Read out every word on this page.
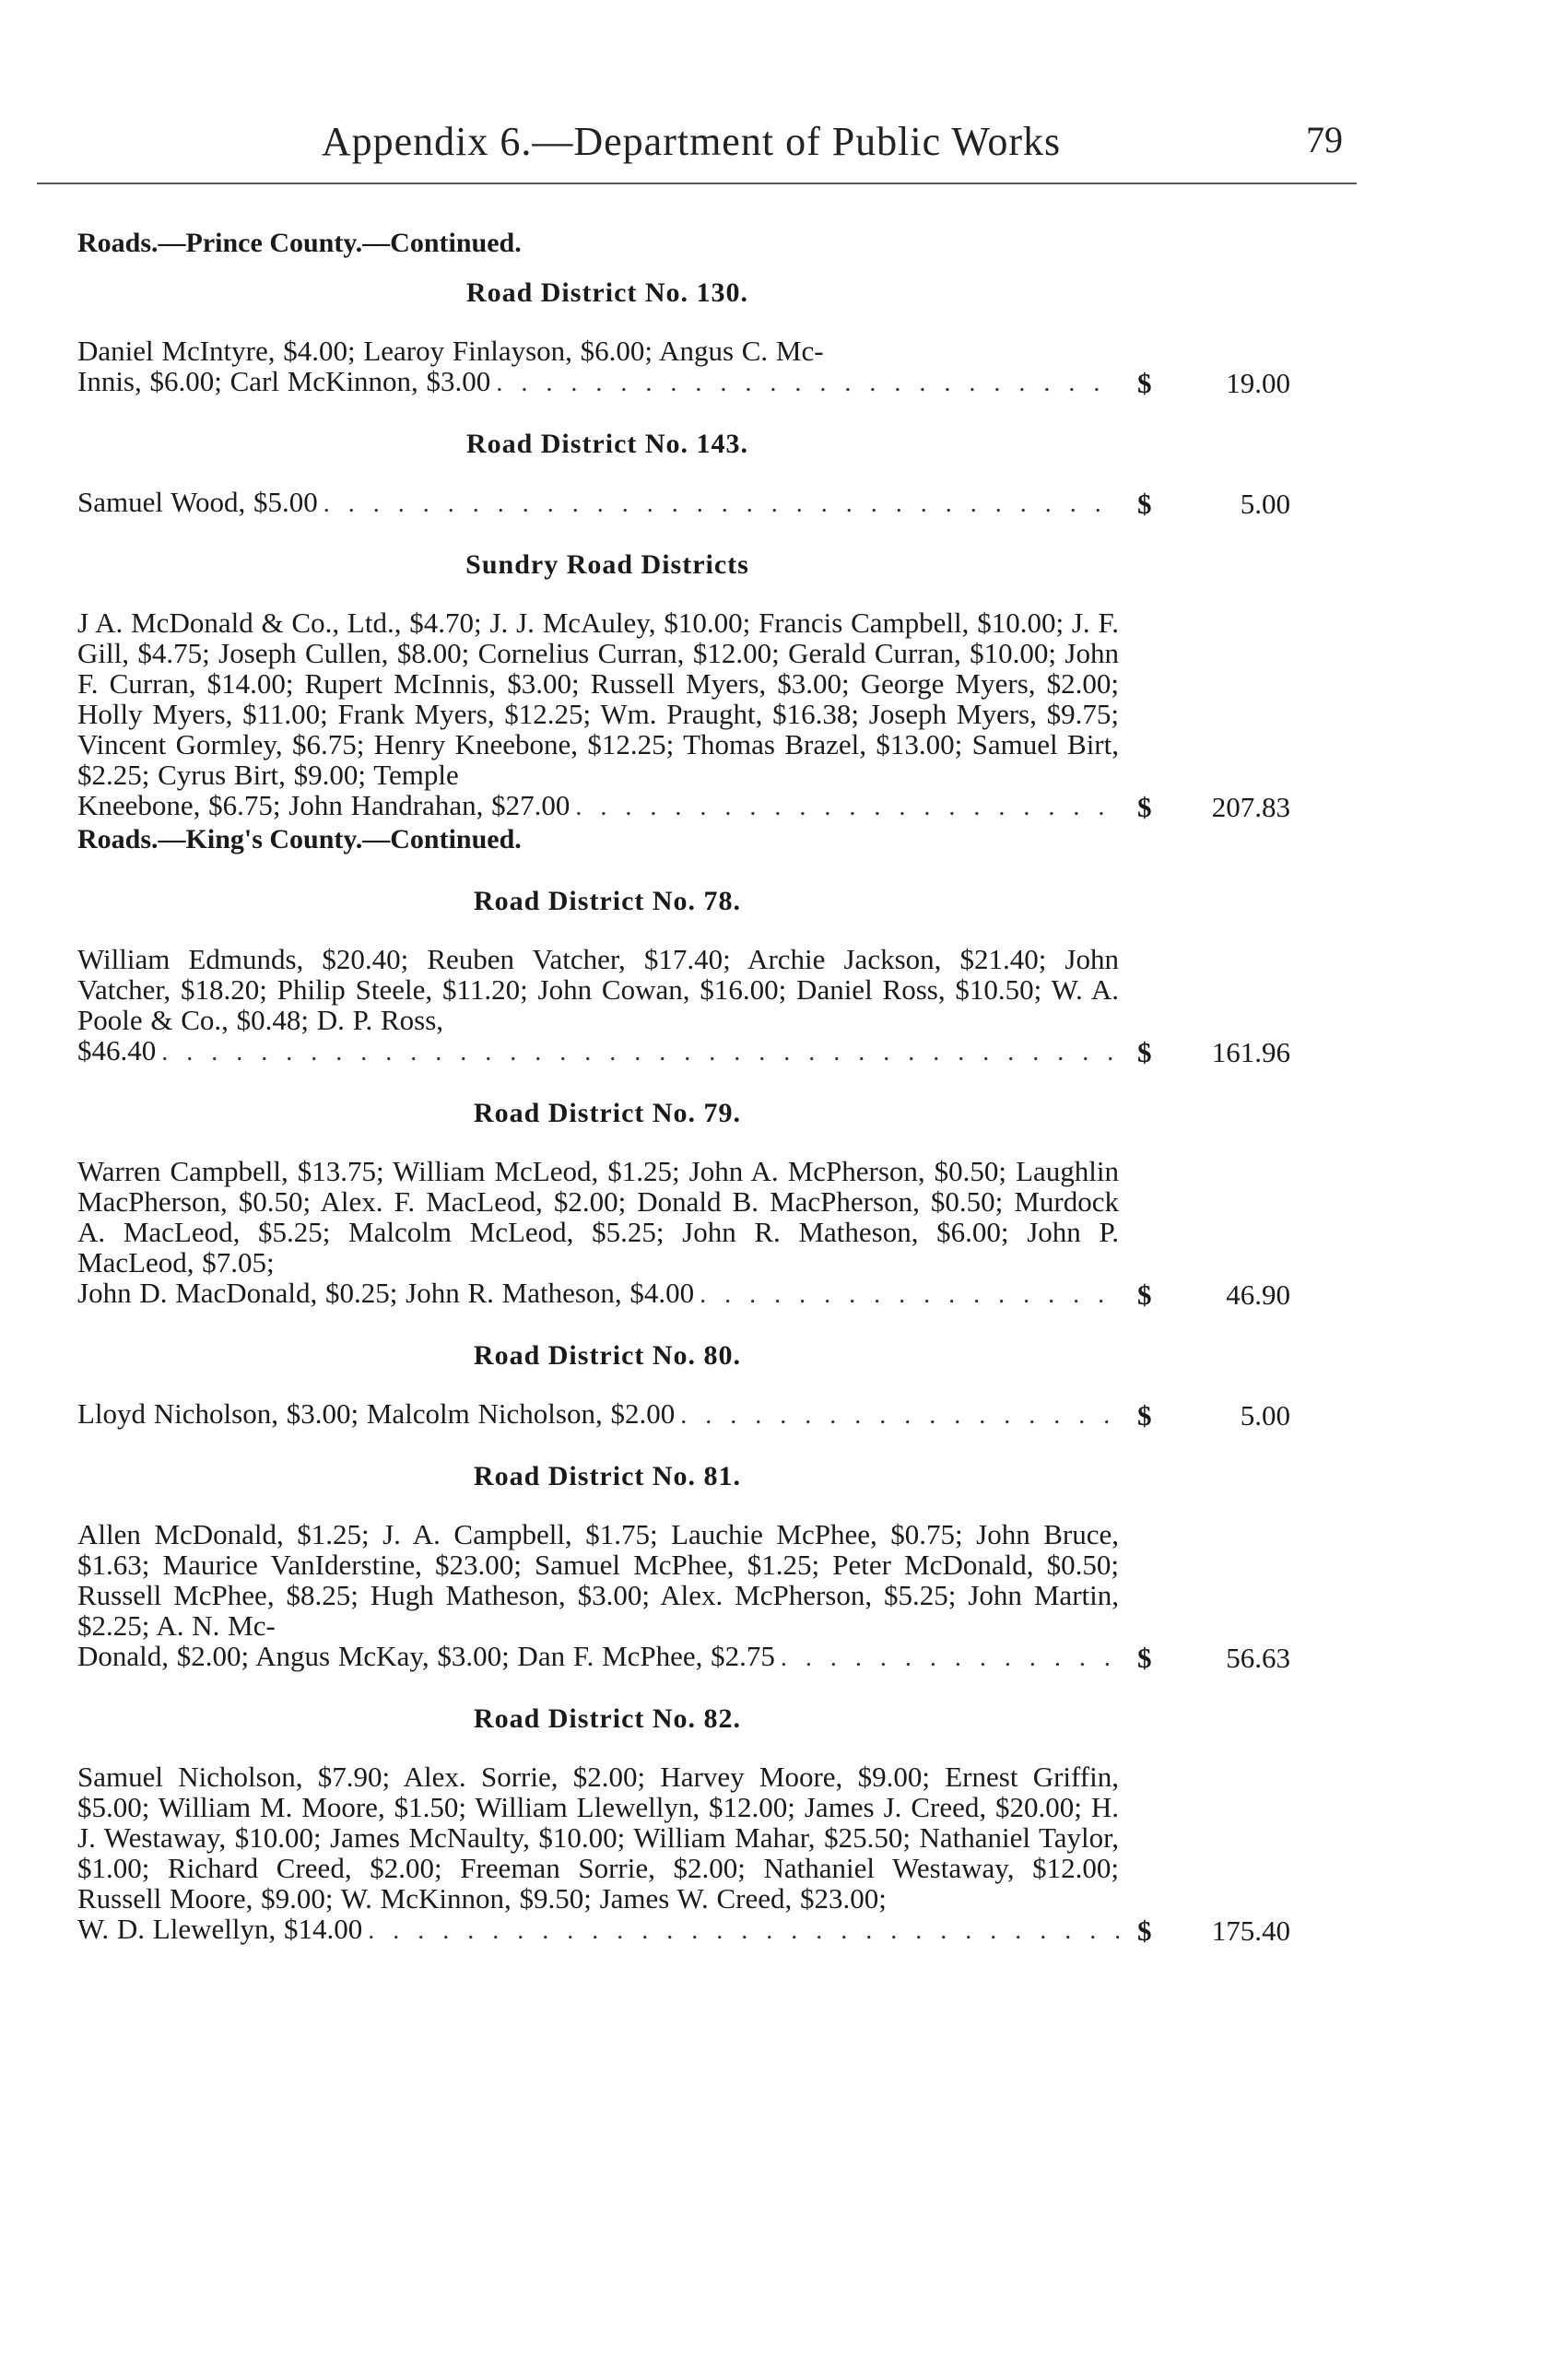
Appendix 6.—Department of Public Works	79
Roads.—Prince County.—Continued.
Road District No. 130.
Daniel McIntyre, $4.00; Learoy Finlayson, $6.00; Angus C. Mc-
Innis, $6.00; Carl McKinnon, $3.00 . . .	$	19.00
Road District No. 143.
Samuel Wood, $5.00 . . .	$	5.00
Sundry Road Districts
J A. McDonald & Co., Ltd., $4.70; J. J. McAuley, $10.00; Francis Campbell, $10.00; J. F. Gill, $4.75; Joseph Cullen, $8.00; Cornelius Curran, $12.00; Gerald Curran, $10.00; John F. Curran, $14.00; Rupert McInnis, $3.00; Russell Myers, $3.00; George Myers, $2.00; Holly Myers, $11.00; Frank Myers, $12.25; Wm. Praught, $16.38; Joseph Myers, $9.75; Vincent Gormley, $6.75; Henry Kneebone, $12.25; Thomas Brazel, $13.00; Samuel Birt, $2.25; Cyrus Birt, $9.00; Temple
Kneebone, $6.75; John Handrahan, $27.00 . . .	$	207.83
Roads.—King's County.—Continued.
Road District No. 78.
William Edmunds, $20.40; Reuben Vatcher, $17.40; Archie Jackson, $21.40; John Vatcher, $18.20; Philip Steele, $11.20; John Cowan, $16.00; Daniel Ross, $10.50; W. A. Poole & Co., $0.48; D. P. Ross,
$46.40 . . .	$	161.96
Road District No. 79.
Warren Campbell, $13.75; William McLeod, $1.25; John A. McPherson, $0.50; Laughlin MacPherson, $0.50; Alex. F. MacLeod, $2.00; Donald B. MacPherson, $0.50; Murdock A. MacLeod, $5.25; Malcolm McLeod, $5.25; John R. Matheson, $6.00; John P. MacLeod, $7.05;
John D. MacDonald, $0.25; John R. Matheson, $4.00 . . .	$	46.90
Road District No. 80.
Lloyd Nicholson, $3.00; Malcolm Nicholson, $2.00 . . .	$	5.00
Road District No. 81.
Allen McDonald, $1.25; J. A. Campbell, $1.75; Lauchie McPhee, $0.75; John Bruce, $1.63; Maurice VanIderstine, $23.00; Samuel McPhee, $1.25; Peter McDonald, $0.50; Russell McPhee, $8.25; Hugh Matheson, $3.00; Alex. McPherson, $5.25; John Martin, $2.25; A. N. Mc-
Donald, $2.00; Angus McKay, $3.00; Dan F. McPhee, $2.75 . . .	$	56.63
Road District No. 82.
Samuel Nicholson, $7.90; Alex. Sorrie, $2.00; Harvey Moore, $9.00; Ernest Griffin, $5.00; William M. Moore, $1.50; William Llewellyn, $12.00; James J. Creed, $20.00; H. J. Westaway, $10.00; James McNaulty, $10.00; William Mahar, $25.50; Nathaniel Taylor, $1.00; Richard Creed, $2.00; Freeman Sorrie, $2.00; Nathaniel Westaway, $12.00; Russell Moore, $9.00; W. McKinnon, $9.50; James W. Creed, $23.00;
W. D. Llewellyn, $14.00 . . .	$	175.40
